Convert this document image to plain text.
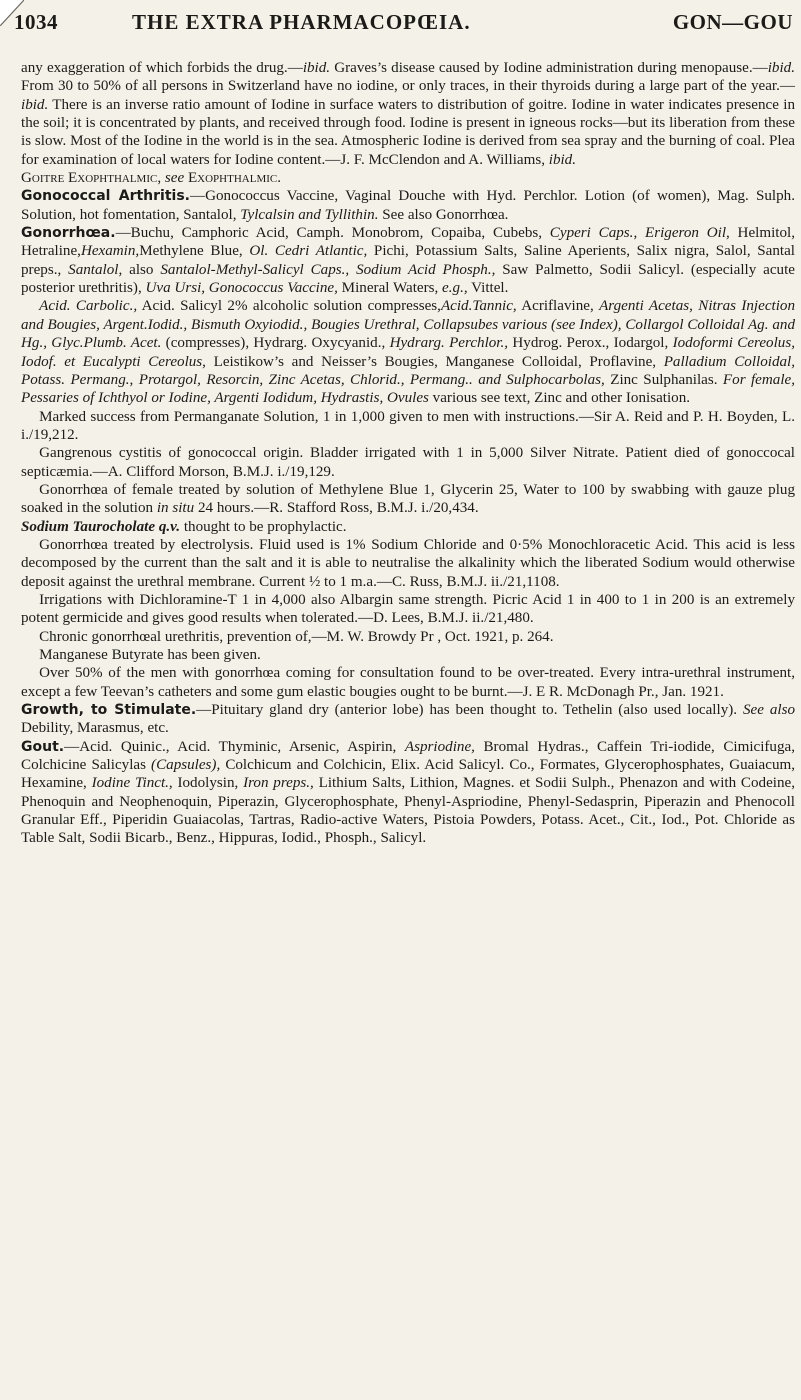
1034	THE EXTRA PHARMACOPŒIA.	GON—GOU

any exaggeration of which forbids the drug.—ibid. Graves’s disease caused by Iodine administration during menopause.—ibid. From 30 to 50% of all persons in Switzerland have no iodine, or only traces, in their thyroids during a large part of the year.—ibid. There is an inverse ratio amount of Iodine in surface waters to distribution of goitre. Iodine in water indicates presence in the soil; it is concentrated by plants, and received through food. Iodine is present in igneous rocks—but its liberation from these is slow. Most of the Iodine in the world is in the sea. Atmospheric Iodine is derived from sea spray and the burning of coal. Plea for examination of local waters for Iodine content.—J. F. McClendon and A. Williams, ibid.

Goitre Exophthalmic, see Exophthalmic.

Gonococcal Arthritis.—Gonococcus Vaccine, Vaginal Douche with Hyd. Perchlor. Lotion (of women), Mag. Sulph. Solution, hot fomentation, Santalol, Tylcalsin and Tyllithin. See also Gonorrhœa.

Gonorrhœa.—Buchu, Camphoric Acid, Camph. Monobrom, Copaiba, Cubebs, Cyperi Caps., Erigeron Oil, Helmitol, Hetraline,Hexamin,Methylene Blue, Ol. Cedri Atlantic, Pichi, Potassium Salts, Saline Aperients, Salix nigra, Salol, Santal preps., Santalol, also Santalol-Methyl-Salicyl Caps., Sodium Acid Phosph., Saw Palmetto, Sodii Salicyl. (especially acute posterior urethritis), Uva Ursi, Gonococcus Vaccine, Mineral Waters, e.g., Vittel.

Acid. Carbolic., Acid. Salicyl 2% alcoholic solution compresses,Acid.Tannic, Acriflavine, Argenti Acetas, Nitras Injection and Bougies, Argent.Iodid., Bismuth Oxyiodid., Bougies Urethral, Collapsubes various (see Index), Collargol Colloidal Ag. and Hg., Glyc.Plumb. Acet. (compresses), Hydrarg. Oxycyanid., Hydrarg. Perchlor., Hydrog. Perox., Iodargol, Iodoformi Cereolus, Iodof. et Eucalypti Cereolus, Leistikow’s and Neisser’s Bougies, Manganese Colloidal, Proflavine, Palladium Colloidal, Potass. Permang., Protargol, Resorcin, Zinc Acetas, Chlorid., Permang.. and Sulphocarbolas, Zinc Sulphanilas. For female, Pessaries of Ichthyol or Iodine, Argenti Iodidum, Hydrastis, Ovules various see text, Zinc and other Ionisation.

Marked success from Permanganate Solution, 1 in 1,000 given to men with instructions.—Sir A. Reid and P. H. Boyden, L. i./19,212.

Gangrenous cystitis of gonococcal origin. Bladder irrigated with 1 in 5,000 Silver Nitrate. Patient died of gonoccocal septicæmia.—A. Clifford Morson, B.M.J. i./19,129.

Gonorrhœa of female treated by solution of Methylene Blue 1, Glycerin 25, Water to 100 by swabbing with gauze plug soaked in the solution in situ 24 hours.—R. Stafford Ross, B.M.J. i./20,434.

Sodium Taurocholate q.v. thought to be prophylactic.

Gonorrhœa treated by electrolysis. Fluid used is 1% Sodium Chloride and 0·5% Monochloracetic Acid. This acid is less decomposed by the current than the salt and it is able to neutralise the alkalinity which the liberated Sodium would otherwise deposit against the urethral membrane. Current ½ to 1 m.a.—C. Russ, B.M.J. ii./21,1108.

Irrigations with Dichloramine-T 1 in 4,000 also Albargin same strength. Picric Acid 1 in 400 to 1 in 200 is an extremely potent germicide and gives good results when tolerated.—D. Lees, B.M.J. ii./21,480.

Chronic gonorrhœal urethritis, prevention of,—M. W. Browdy Pr , Oct. 1921, p. 264.

Manganese Butyrate has been given.

Over 50% of the men with gonorrhœa coming for consultation found to be over-treated. Every intra-urethral instrument, except a few Teevan’s catheters and some gum elastic bougies ought to be burnt.—J. E R. McDonagh Pr., Jan. 1921.

Growth, to Stimulate.—Pituitary gland dry (anterior lobe) has been thought to. Tethelin (also used locally). See also Debility, Marasmus, etc.

Gout.—Acid. Quinic., Acid. Thyminic, Arsenic, Aspirin, Aspriodine, Bromal Hydras., Caffein Tri-iodide, Cimicifuga, Colchicine Salicylas (Capsules), Colchicum and Colchicin, Elix. Acid Salicyl. Co., Formates, Glycerophosphates, Guaiacum, Hexamine, Iodine Tinct., Iodolysin, Iron preps., Lithium Salts, Lithion, Magnes. et Sodii Sulph., Phenazon and with Codeine, Phenoquin and Neophenoquin, Piperazin, Glycerophosphate, Phenyl-Aspriodine, Phenyl-Sedasprin, Piperazin and Phenocoll Granular Eff., Piperidin Guaiacolas, Tartras, Radio-active Waters, Pistoia Powders, Potass. Acet., Cit., Iod., Pot. Chloride as Table Salt, Sodii Bicarb., Benz., Hippuras, Iodid., Phosph., Salicyl.
